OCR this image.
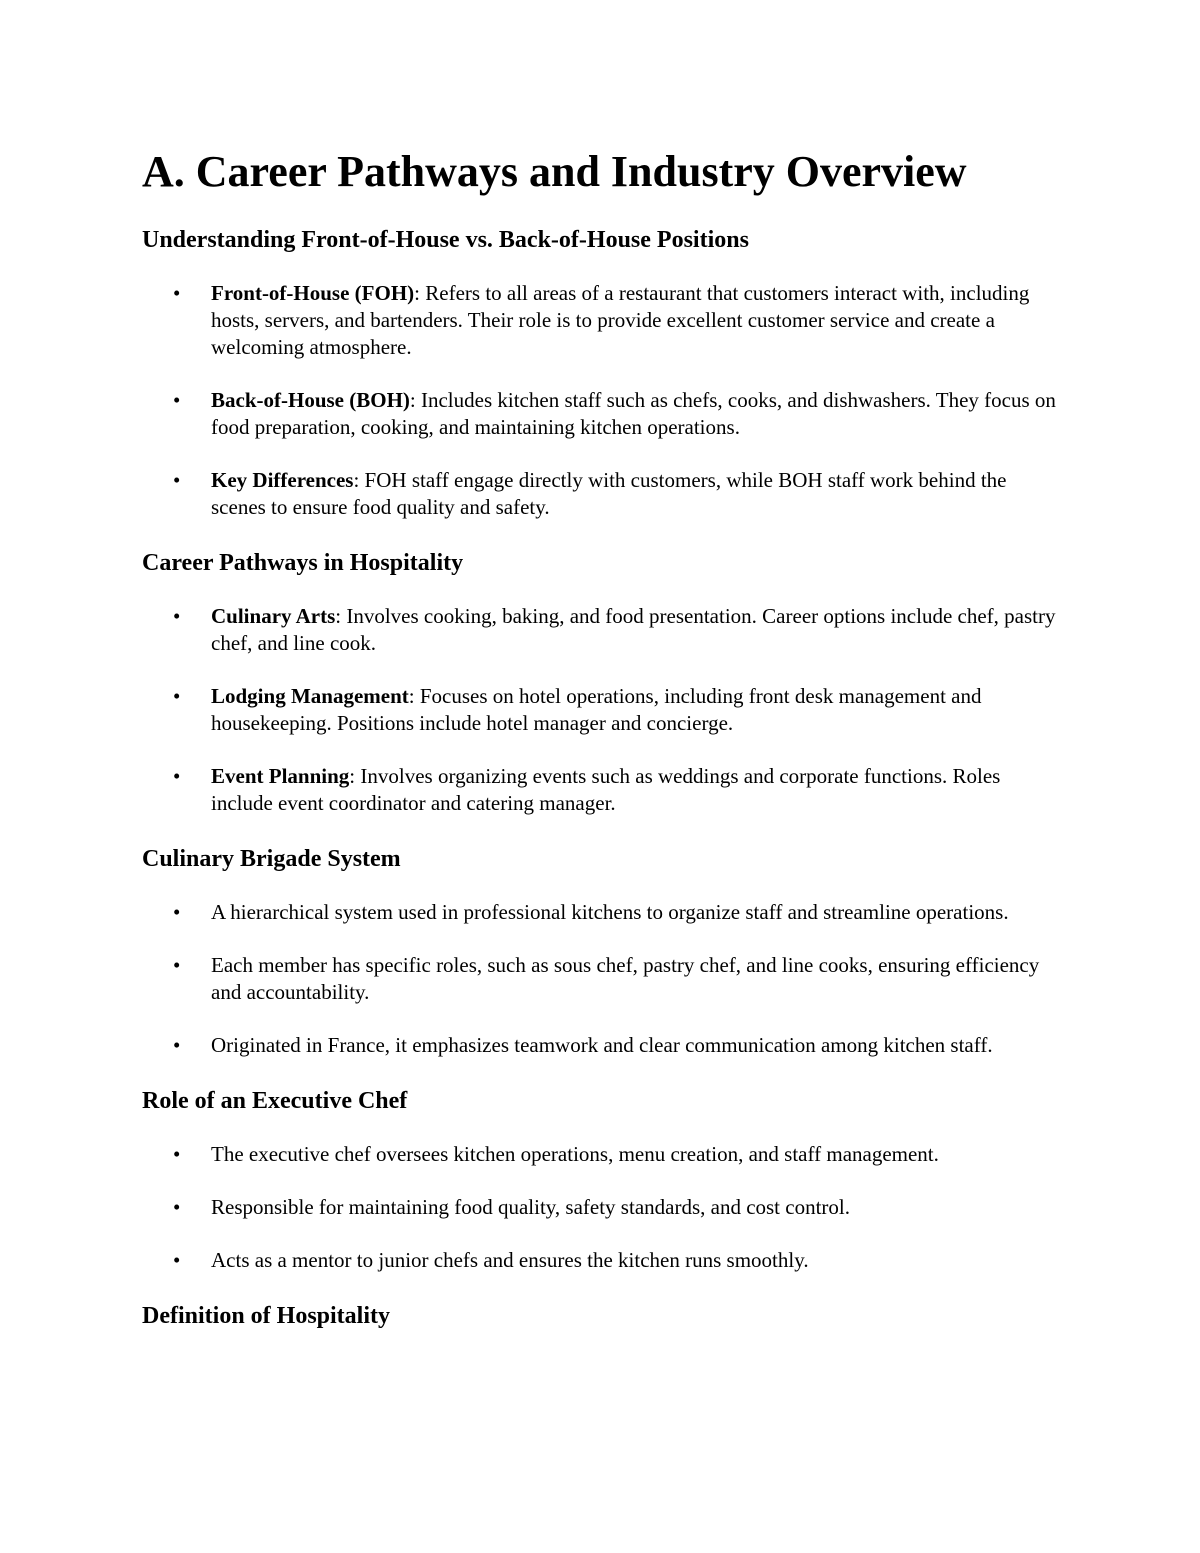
A. Career Pathways and Industry Overview
Understanding Front-of-House vs. Back-of-House Positions
• Front-of-House (FOH): Refers to all areas of a restaurant that customers interact with, including hosts, servers, and bartenders. Their role is to provide excellent customer service and create a welcoming atmosphere.
• Back-of-House (BOH): Includes kitchen staff such as chefs, cooks, and dishwashers. They focus on food preparation, cooking, and maintaining kitchen operations.
• Key Differences: FOH staff engage directly with customers, while BOH staff work behind the scenes to ensure food quality and safety.
Career Pathways in Hospitality
• Culinary Arts: Involves cooking, baking, and food presentation. Career options include chef, pastry chef, and line cook.
• Lodging Management: Focuses on hotel operations, including front desk management and housekeeping. Positions include hotel manager and concierge.
• Event Planning: Involves organizing events such as weddings and corporate functions. Roles include event coordinator and catering manager.
Culinary Brigade System
• A hierarchical system used in professional kitchens to organize staff and streamline operations.
• Each member has specific roles, such as sous chef, pastry chef, and line cooks, ensuring efficiency and accountability.
• Originated in France, it emphasizes teamwork and clear communication among kitchen staff.
Role of an Executive Chef
• The executive chef oversees kitchen operations, menu creation, and staff management.
• Responsible for maintaining food quality, safety standards, and cost control.
• Acts as a mentor to junior chefs and ensures the kitchen runs smoothly.
Definition of Hospitality
